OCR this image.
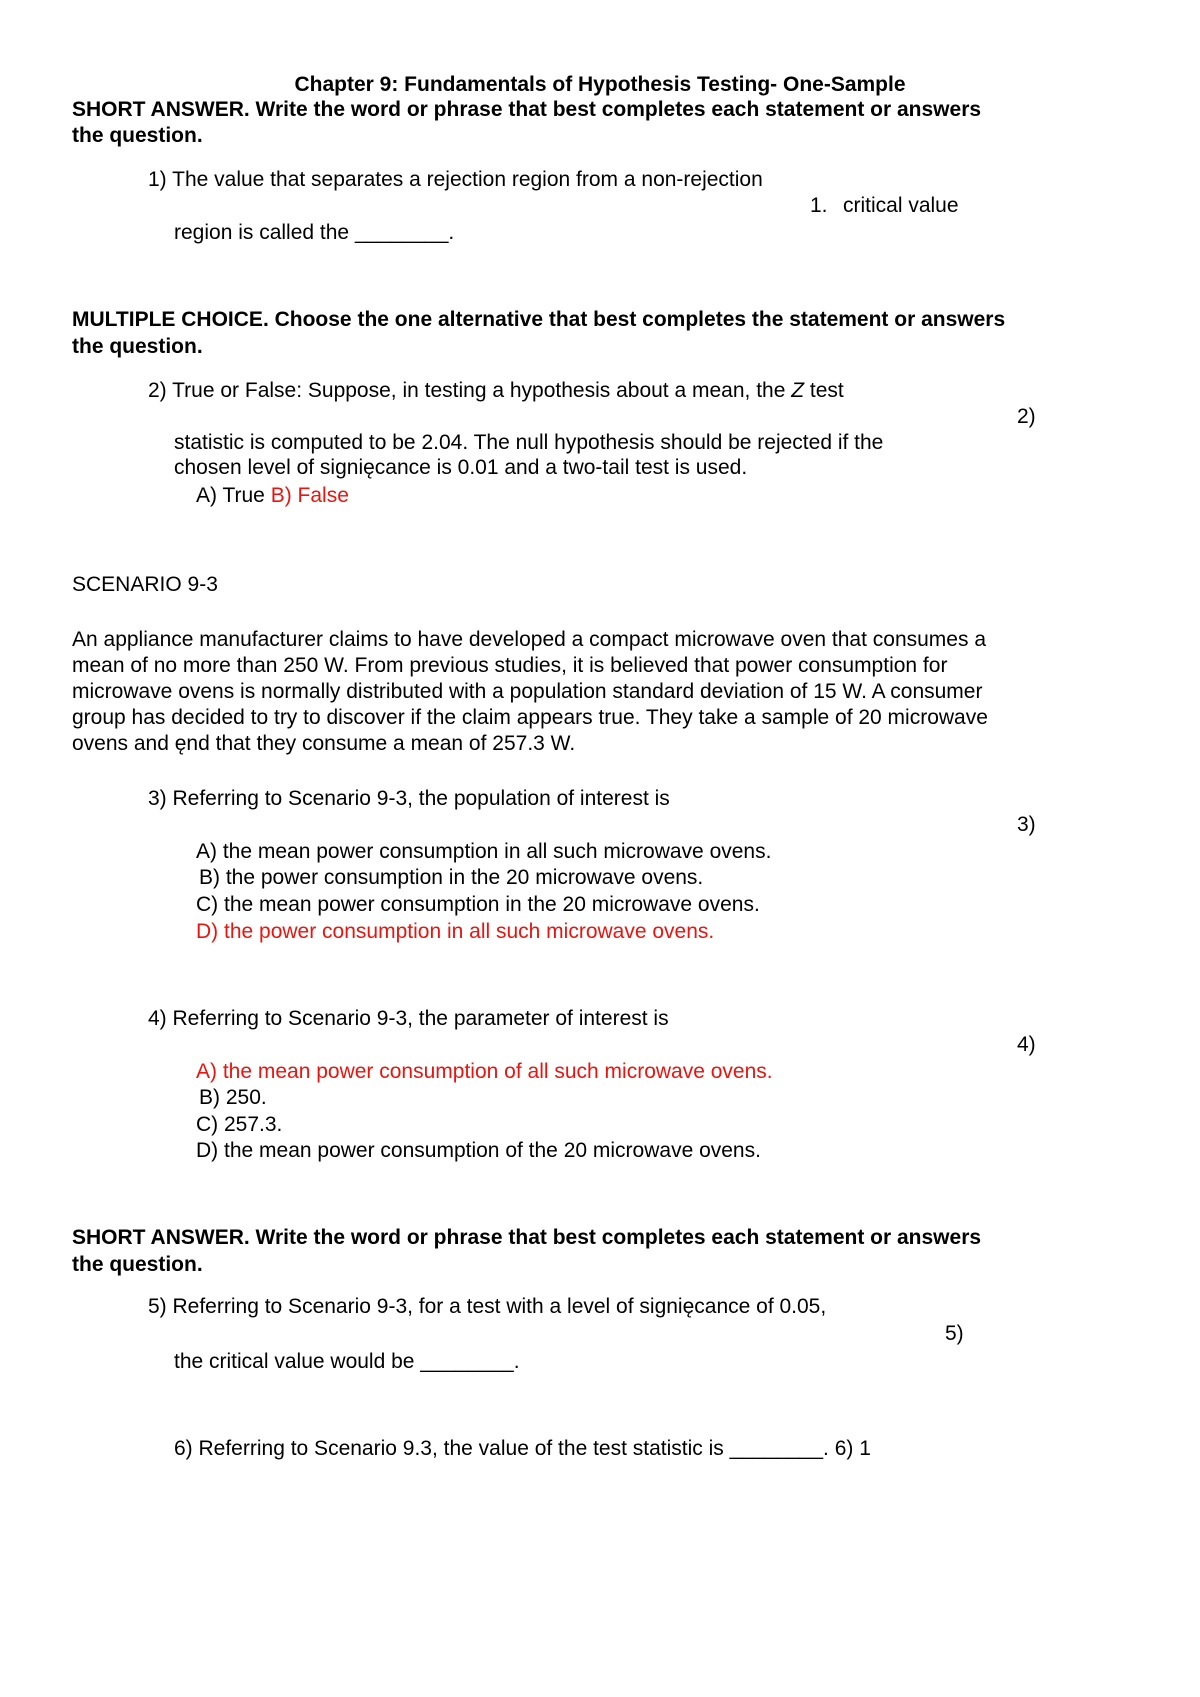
Chapter 9: Fundamentals of Hypothesis Testing- One-Sample
SHORT ANSWER. Write the word or phrase that best completes each statement or answers
the question.
1) The value that separates a rejection region from a non-rejection
1. critical value
region is called the ________.
MULTIPLE CHOICE. Choose the one alternative that best completes the statement or answers
the question.
2) True or False: Suppose, in testing a hypothesis about a mean, the Z test
2)
statistic is computed to be 2.04. The null hypothesis should be rejected if the
chosen level of signięcance is 0.01 and a two-tail test is used.
A) True B) False
SCENARIO 9-3
An appliance manufacturer claims to have developed a compact microwave oven that consumes a
mean of no more than 250 W. From previous studies, it is believed that power consumption for
microwave ovens is normally distributed with a population standard deviation of 15 W. A consumer
group has decided to try to discover if the claim appears true. They take a sample of 20 microwave
ovens and ęnd that they consume a mean of 257.3 W.
3) Referring to Scenario 9-3, the population of interest is
3)
A) the mean power consumption in all such microwave ovens.
B) the power consumption in the 20 microwave ovens.
C) the mean power consumption in the 20 microwave ovens.
D) the power consumption in all such microwave ovens.
4) Referring to Scenario 9-3, the parameter of interest is
4)
A) the mean power consumption of all such microwave ovens.
B) 250.
C) 257.3.
D) the mean power consumption of the 20 microwave ovens.
SHORT ANSWER. Write the word or phrase that best completes each statement or answers
the question.
5) Referring to Scenario 9-3, for a test with a level of signięcance of 0.05,
5)
the critical value would be ________.
6) Referring to Scenario 9.3, the value of the test statistic is ________. 6) 1
